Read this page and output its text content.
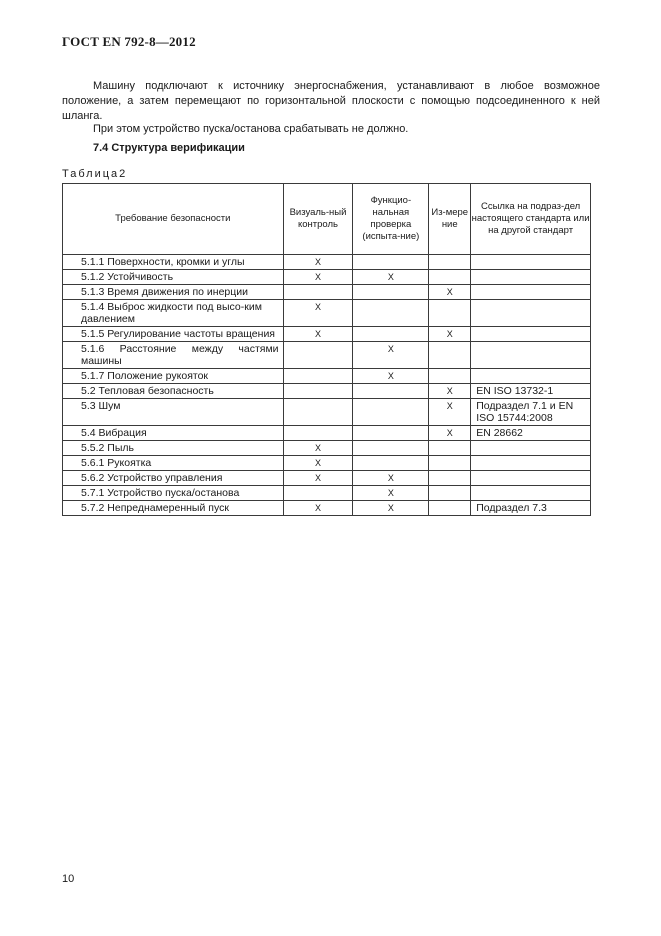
ГОСТ EN 792-8—2012
Машину подключают к источнику энергоснабжения, устанавливают в любое возможное положение, а затем перемещают по горизонтальной плоскости с помощью подсоединенного к ней шланга.
При этом устройство пуска/останова срабатывать не должно.
7.4 Структура верификации
Таблица2
Требование безопасности	Визуаль-ный контроль	Функцио-нальная проверка (испыта-ние)	Из-мере ние	Ссылка на подраз-дел настоящего стандарта или на другой стандарт
5.1.1 Поверхности, кромки и углы	X			
5.1.2 Устойчивость	X	X		
5.1.3 Время движения по инерции			X	
5.1.4 Выброс жидкости под высо-ким давлением	X			
5.1.5 Регулирование частоты вращения	X		X	
5.1.6 Расстояние между частями машины		X		
5.1.7 Положение рукояток		X		
5.2 Тепловая безопасность			X	EN ISO 13732-1
5.3 Шум			X	Подраздел 7.1 и EN ISO 15744:2008
5.4 Вибрация			X	EN 28662
5.5.2 Пыль	X			
5.6.1 Рукоятка	X			
5.6.2 Устройство управления	X	X		
5.7.1 Устройство пуска/останова		X		
5.7.2 Непреднамеренный пуск	X	X		Подраздел 7.3
10
